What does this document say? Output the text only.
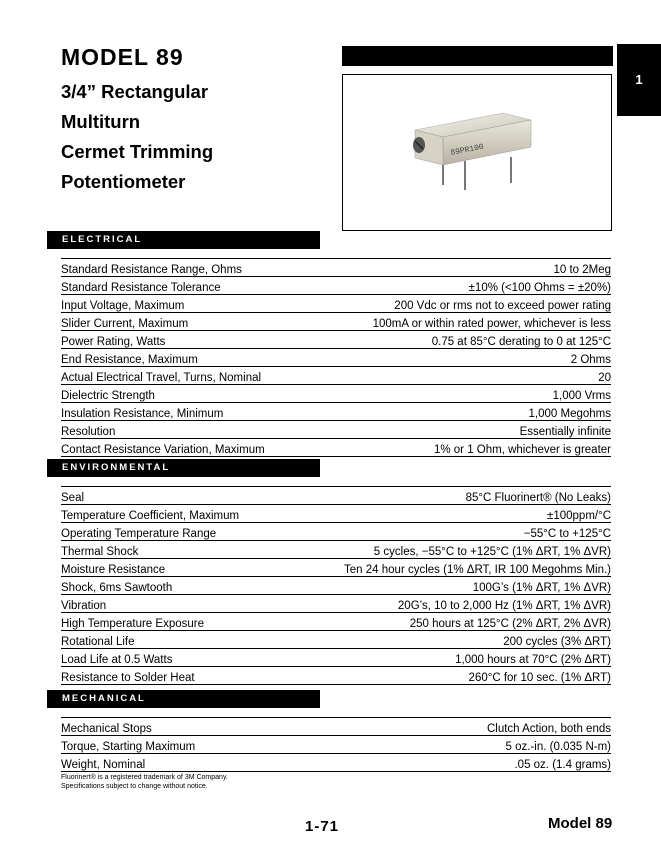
MODEL 89
3/4” Rectangular
Multiturn
Cermet Trimming
Potentiometer
1
89PR100
ELECTRICAL
Standard Resistance Range, Ohms	10 to 2Meg
Standard Resistance Tolerance	±10% (<100 Ohms = ±20%)
Input Voltage, Maximum	200 Vdc or rms not to exceed power rating
Slider Current, Maximum	100mA or within rated power, whichever is less
Power Rating, Watts	0.75 at 85°C derating to 0 at 125°C
End Resistance, Maximum	2 Ohms
Actual Electrical Travel, Turns, Nominal	20
Dielectric Strength	1,000 Vrms
Insulation Resistance, Minimum	1,000 Megohms
Resolution	Essentially infinite
Contact Resistance Variation, Maximum	1% or 1 Ohm, whichever is greater
ENVIRONMENTAL
Seal	85°C Fluorinert® (No Leaks)
Temperature Coefficient, Maximum	±100ppm/°C
Operating Temperature Range	−55°C to +125°C
Thermal Shock	5 cycles, −55°C to +125°C (1% ΔRT, 1% ΔVR)
Moisture Resistance	Ten 24 hour cycles (1% ΔRT, IR 100 Megohms Min.)
Shock, 6ms Sawtooth	100G’s (1% ΔRT, 1% ΔVR)
Vibration	20G’s, 10 to 2,000 Hz (1% ΔRT, 1% ΔVR)
High Temperature Exposure	250 hours at 125°C (2% ΔRT, 2% ΔVR)
Rotational Life	200 cycles (3% ΔRT)
Load Life at 0.5 Watts	1,000 hours at 70°C (2% ΔRT)
Resistance to Solder Heat	260°C for 10 sec. (1% ΔRT)
MECHANICAL
Mechanical Stops	Clutch Action, both ends
Torque, Starting Maximum	5 oz.-in. (0.035 N-m)
Weight, Nominal	.05 oz. (1.4 grams)
Fluorinert® is a registered trademark of 3M Company.
Specifications subject to change without notice.
1-71	Model 89
